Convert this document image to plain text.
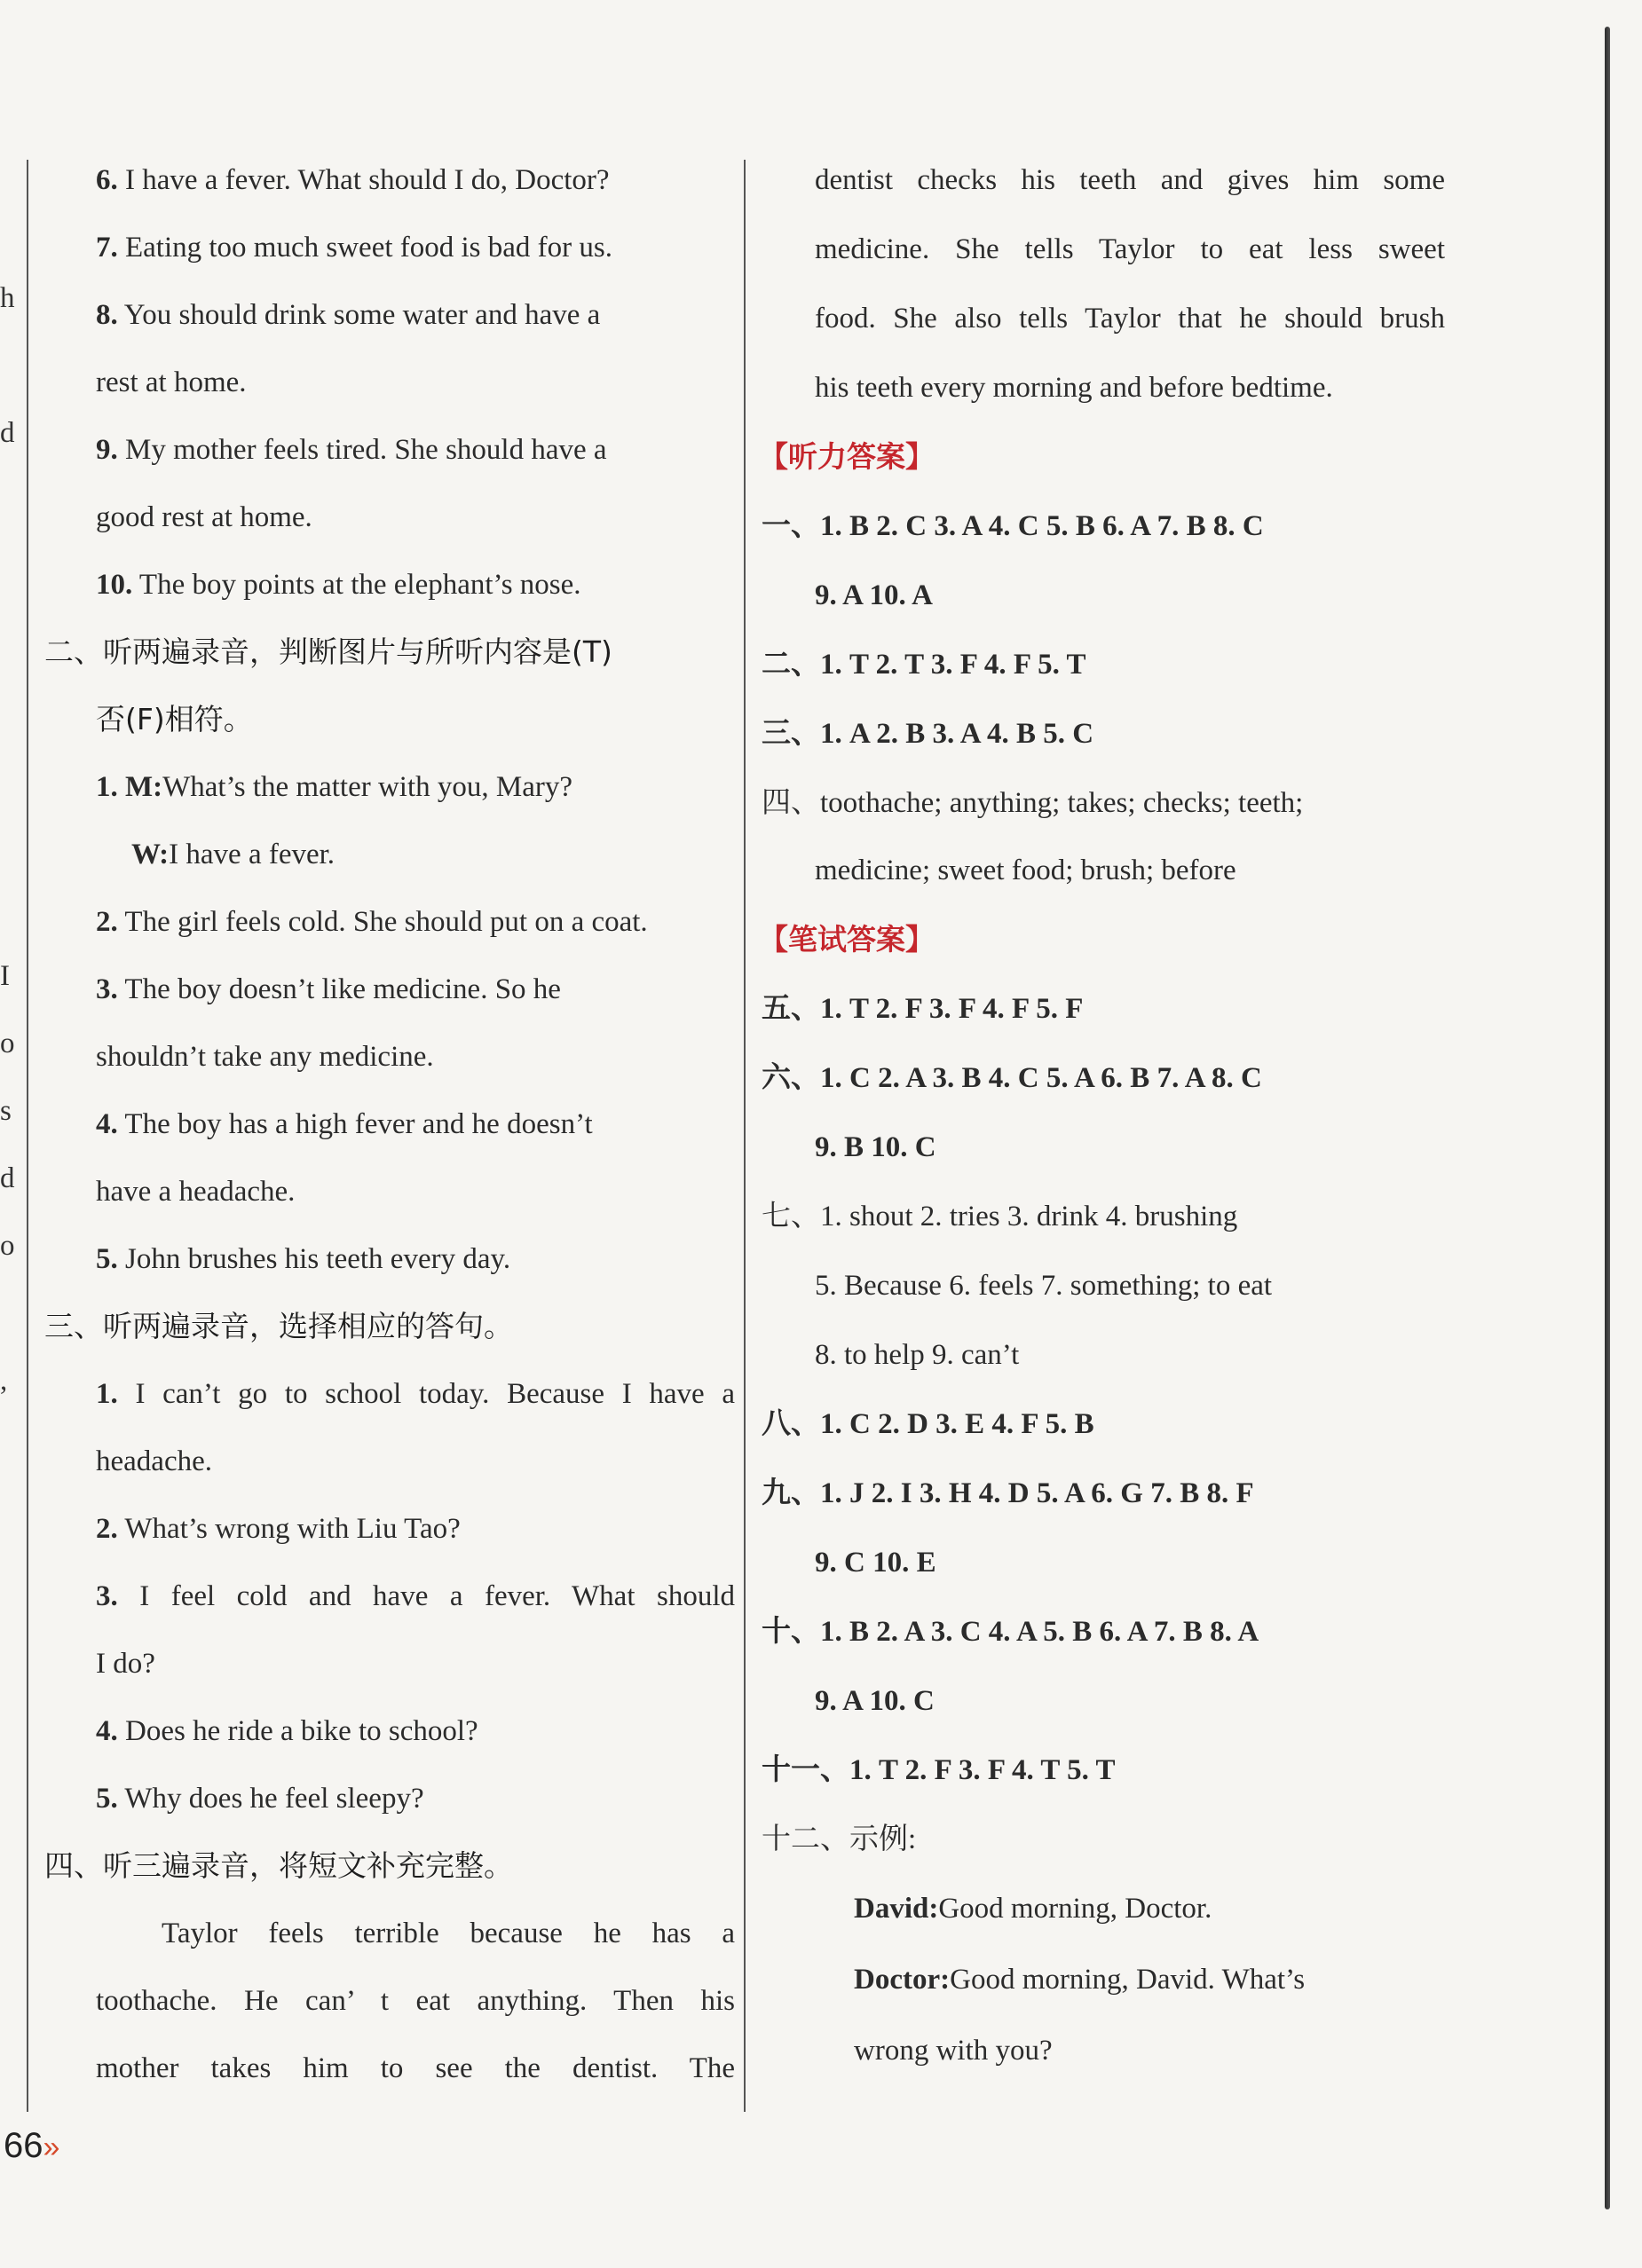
h
d
I
o
s
d
o
,
6. I have a fever. What should I do, Doctor?
7. Eating too much sweet food is bad for us.
8. You should drink some water and have a
rest at home.
9. My mother feels tired. She should have a
good rest at home.
10. The boy points at the elephant’s nose.
二、听两遍录音，判断图片与所听内容是(T)
否(F)相符。
1. M:What’s the matter with you, Mary?
W:I have a fever.
2. The girl feels cold. She should put on a coat.
3. The boy doesn’t like medicine. So he
shouldn’t take any medicine.
4. The boy has a high fever and he doesn’t
have a headache.
5. John brushes his teeth every day.
三、听两遍录音，选择相应的答句。
1. I can’t go to school today. Because I have a
headache.
2. What’s wrong with Liu Tao?
3. I feel cold and have a fever. What should
I do?
4. Does he ride a bike to school?
5. Why does he feel sleepy?
四、听三遍录音，将短文补充完整。
Taylor feels terrible because he has a
toothache. He can’ t eat anything. Then his
mother takes him to see the dentist. The
dentist checks his teeth and gives him some
medicine. She tells Taylor to eat less sweet
food. She also tells Taylor that he should brush
his teeth every morning and before bedtime.
【听力答案】
一、1. B 2. C 3. A 4. C 5. B 6. A 7. B 8. C
9. A 10. A
二、1. T 2. T 3. F 4. F 5. T
三、1. A 2. B 3. A 4. B 5. C
四、toothache; anything; takes; checks; teeth;
medicine; sweet food; brush; before
【笔试答案】
五、1. T 2. F 3. F 4. F 5. F
六、1. C 2. A 3. B 4. C 5. A 6. B 7. A 8. C
9. B 10. C
七、1. shout 2. tries 3. drink 4. brushing
5. Because 6. feels 7. something; to eat
8. to help 9. can’t
八、1. C 2. D 3. E 4. F 5. B
九、1. J 2. I 3. H 4. D 5. A 6. G 7. B 8. F
9. C 10. E
十、1. B 2. A 3. C 4. A 5. B 6. A 7. B 8. A
9. A 10. C
十一、1. T 2. F 3. F 4. T 5. T
十二、示例:
David:Good morning, Doctor.
Doctor:Good morning, David. What’s
wrong with you?
66»
